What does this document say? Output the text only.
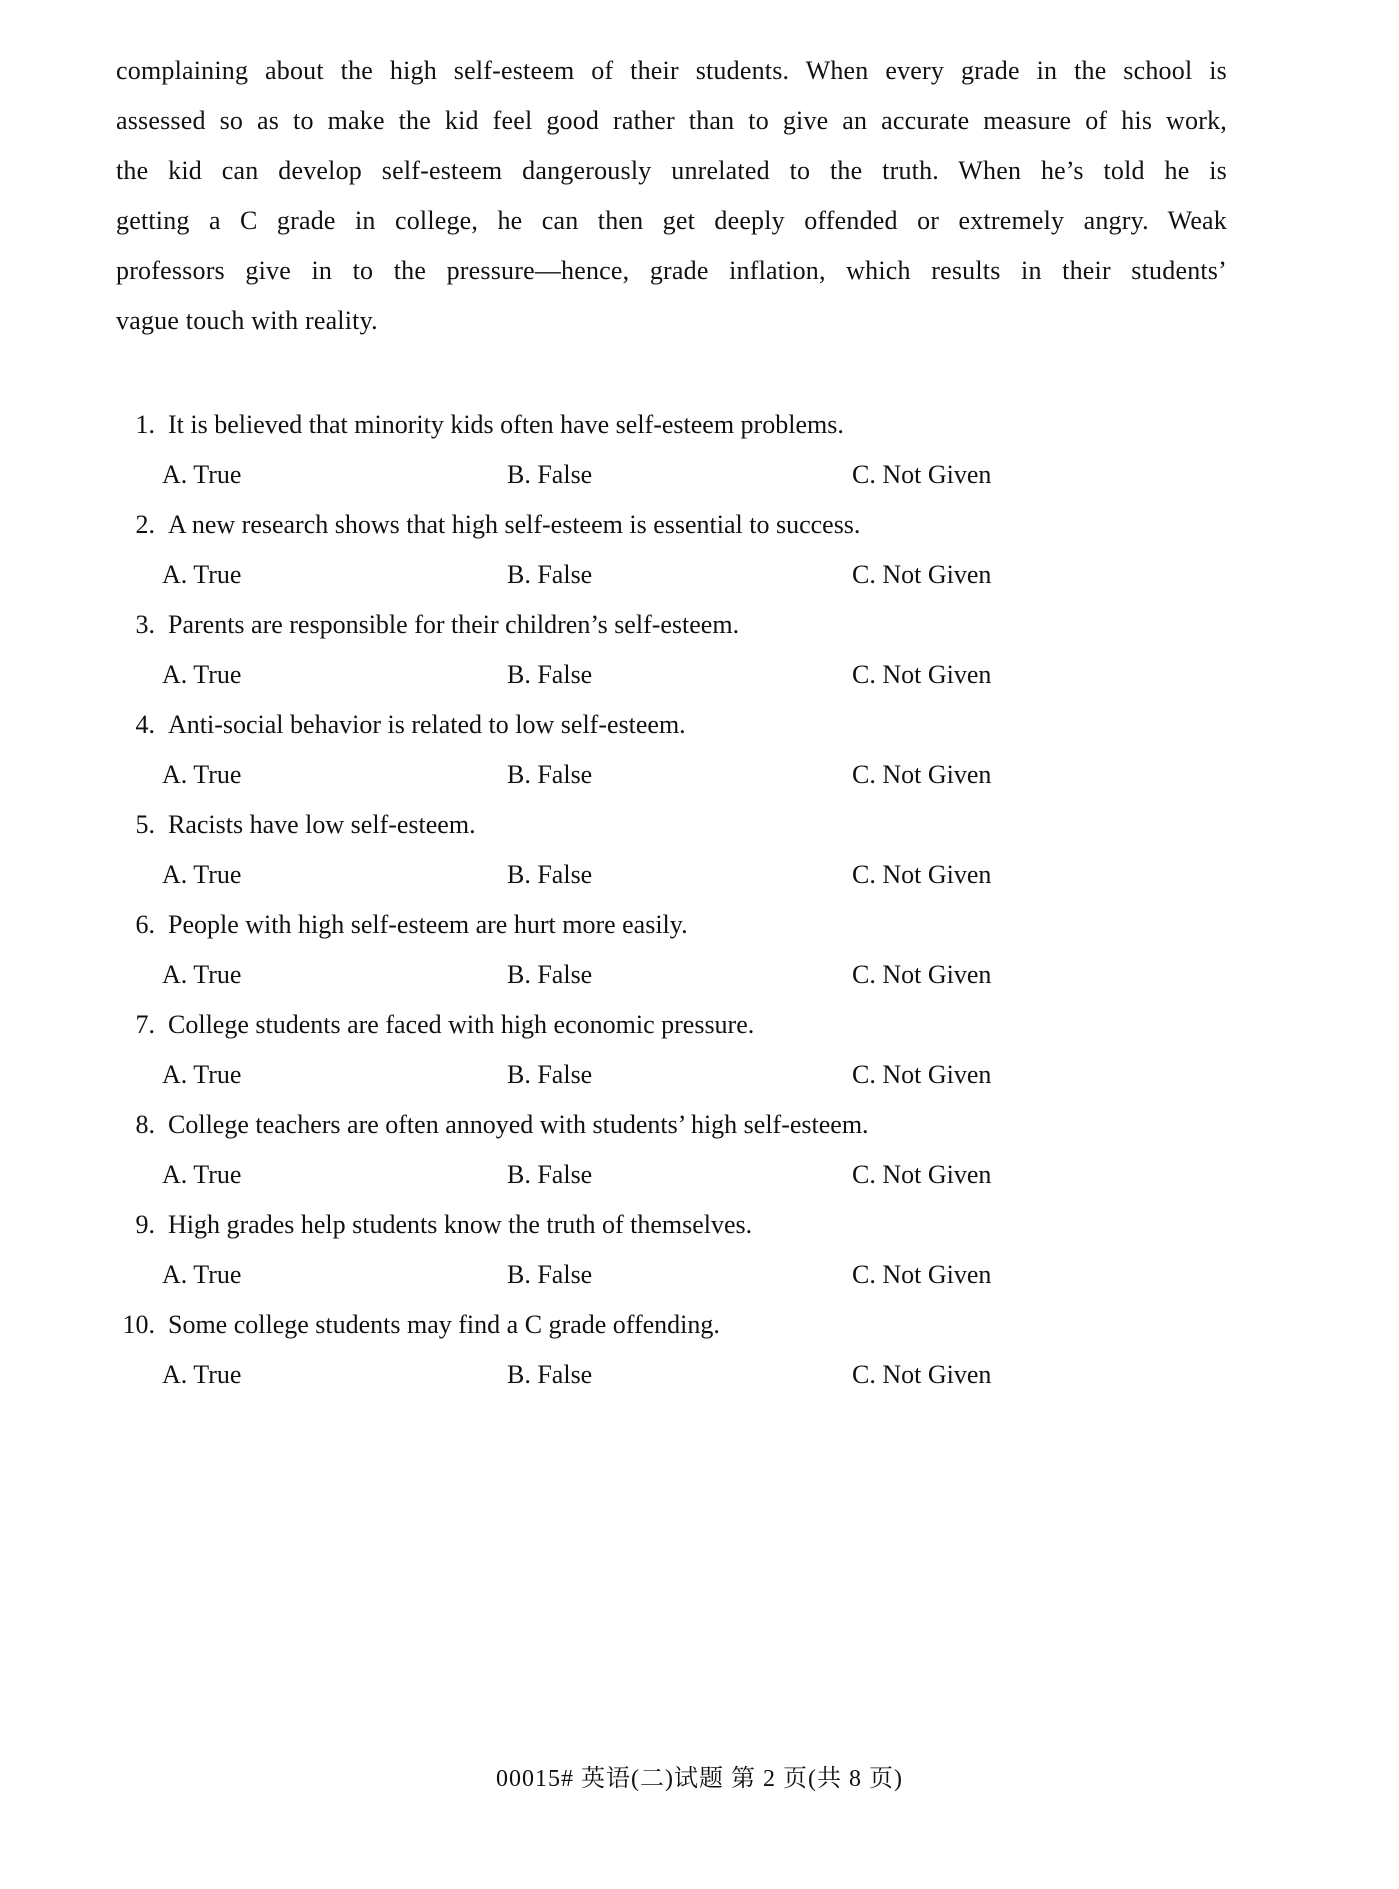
complaining about the high self-esteem of their students. When every grade in the school is
assessed so as to make the kid feel good rather than to give an accurate measure of his work,
the kid can develop self-esteem dangerously unrelated to the truth. When he’s told he is
getting a C grade in college, he can then get deeply offended or extremely angry. Weak
professors give in to the pressure—hence, grade inflation, which results in their students’
vague touch with reality.
1. It is believed that minority kids often have self-esteem problems.
A. True	B. False	C. Not Given
2. A new research shows that high self-esteem is essential to success.
A. True	B. False	C. Not Given
3. Parents are responsible for their children’s self-esteem.
A. True	B. False	C. Not Given
4. Anti-social behavior is related to low self-esteem.
A. True	B. False	C. Not Given
5. Racists have low self-esteem.
A. True	B. False	C. Not Given
6. People with high self-esteem are hurt more easily.
A. True	B. False	C. Not Given
7. College students are faced with high economic pressure.
A. True	B. False	C. Not Given
8. College teachers are often annoyed with students’ high self-esteem.
A. True	B. False	C. Not Given
9. High grades help students know the truth of themselves.
A. True	B. False	C. Not Given
10. Some college students may find a C grade offending.
A. True	B. False	C. Not Given
00015# 英语(二)试题 第 2 页(共 8 页)
